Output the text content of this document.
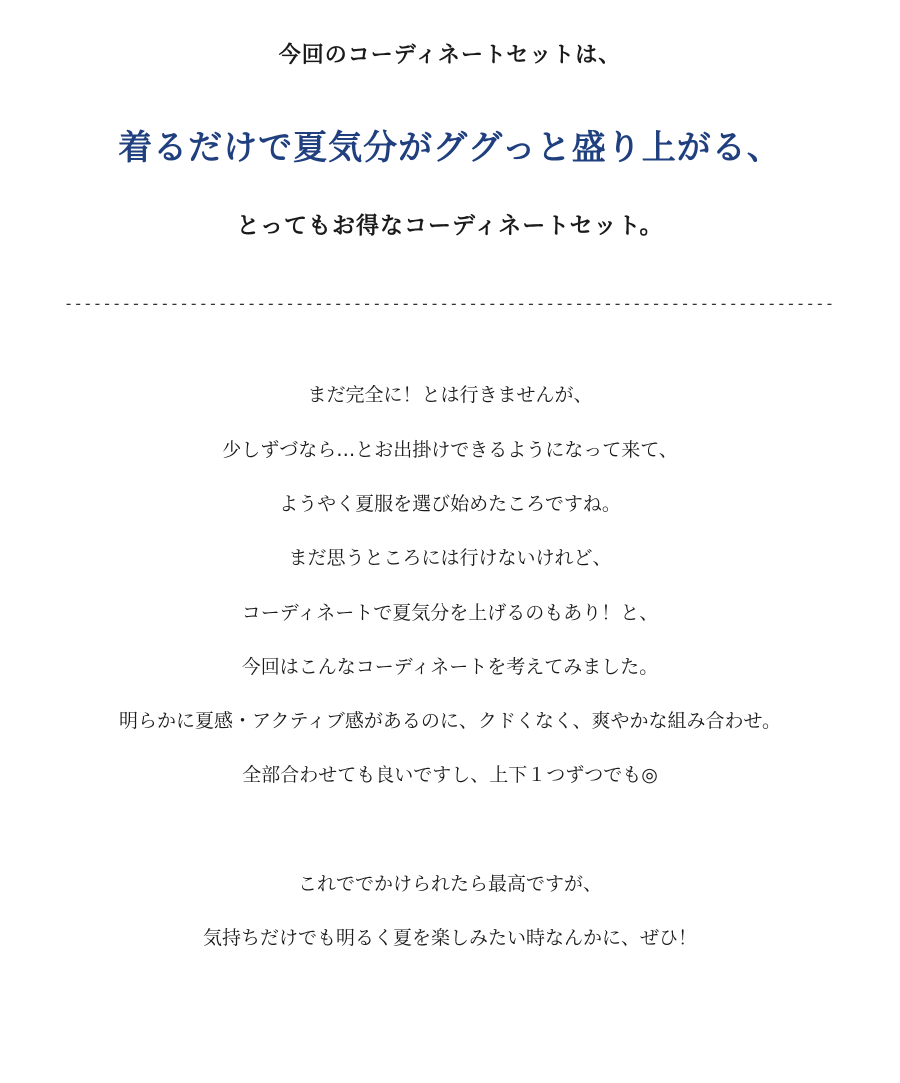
今回のコーディネートセットは、
着るだけで夏気分がググっと盛り上がる、
とってもお得なコーディネートセット。
--------------------------------------------------------------------------------
まだ完全に！とは行きませんが、
少しずづなら…とお出掛けできるようになって来て、
ようやく夏服を選び始めたころですね。
まだ思うところには行けないけれど、
コーディネートで夏気分を上げるのもあり！と、
今回はこんなコーディネートを考えてみました。
明らかに夏感・アクティブ感があるのに、クドくなく、爽やかな組み合わせ。
全部合わせても良いですし、上下１つずつでも◎
これででかけられたら最高ですが、
気持ちだけでも明るく夏を楽しみたい時なんかに、ぜひ！
